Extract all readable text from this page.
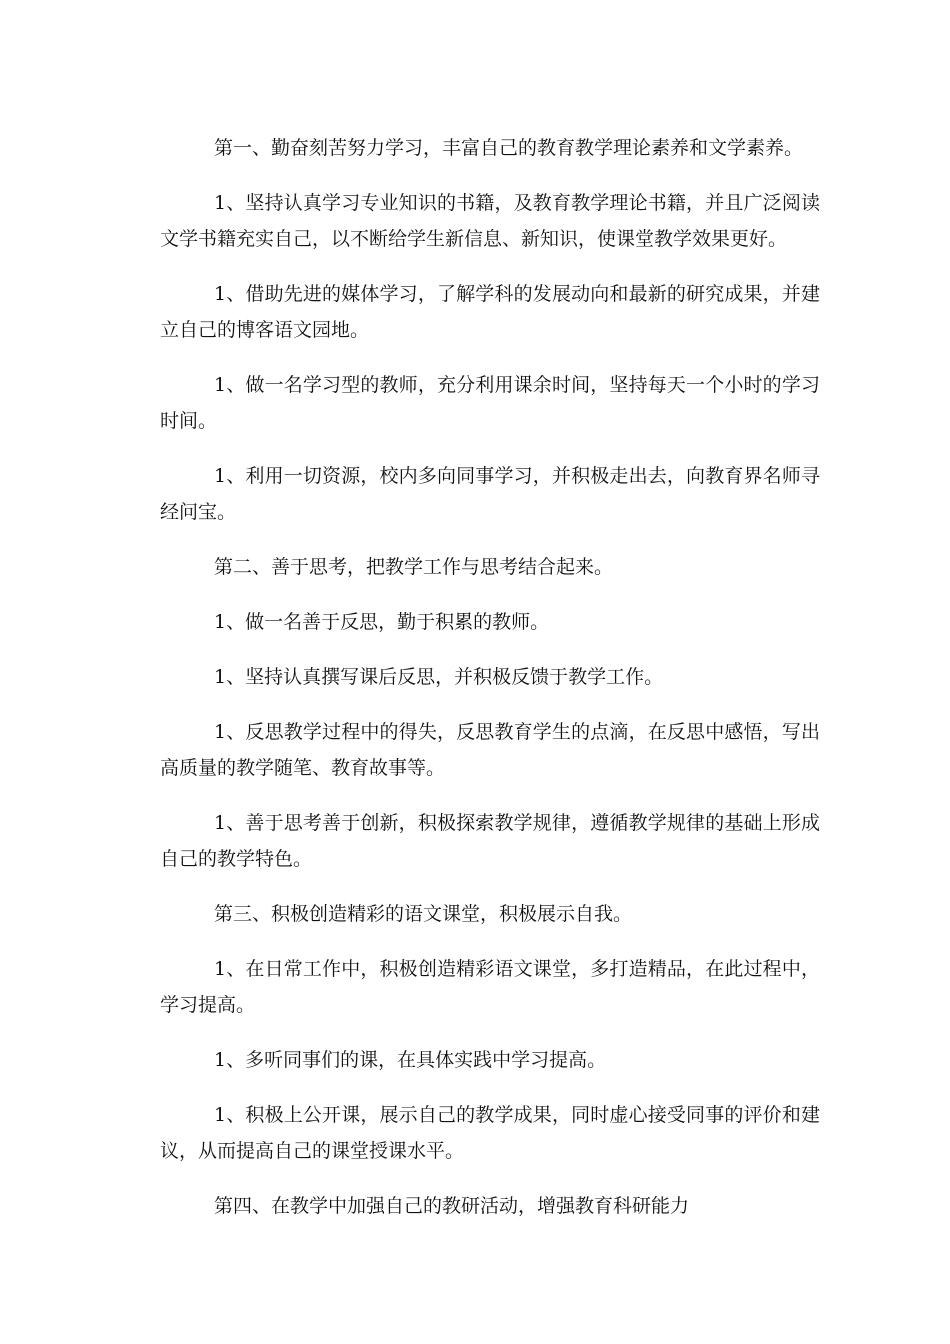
第一、勤奋刻苦努力学习，丰富自己的教育教学理论素养和文学素养。

1、坚持认真学习专业知识的书籍，及教育教学理论书籍，并且广泛阅读文学书籍充实自己，以不断给学生新信息、新知识，使课堂教学效果更好。

1、借助先进的媒体学习，了解学科的发展动向和最新的研究成果，并建立自己的博客语文园地。

1、做一名学习型的教师，充分利用课余时间，坚持每天一个小时的学习时间。

1、利用一切资源，校内多向同事学习，并积极走出去，向教育界名师寻经问宝。

第二、善于思考，把教学工作与思考结合起来。

1、做一名善于反思，勤于积累的教师。

1、坚持认真撰写课后反思，并积极反馈于教学工作。

1、反思教学过程中的得失，反思教育学生的点滴，在反思中感悟，写出高质量的教学随笔、教育故事等。

1、善于思考善于创新，积极探索教学规律，遵循教学规律的基础上形成自己的教学特色。

第三、积极创造精彩的语文课堂，积极展示自我。

1、在日常工作中，积极创造精彩语文课堂，多打造精品，在此过程中，学习提高。

1、多听同事们的课，在具体实践中学习提高。

1、积极上公开课，展示自己的教学成果，同时虚心接受同事的评价和建议，从而提高自己的课堂授课水平。

第四、在教学中加强自己的教研活动，增强教育科研能力
